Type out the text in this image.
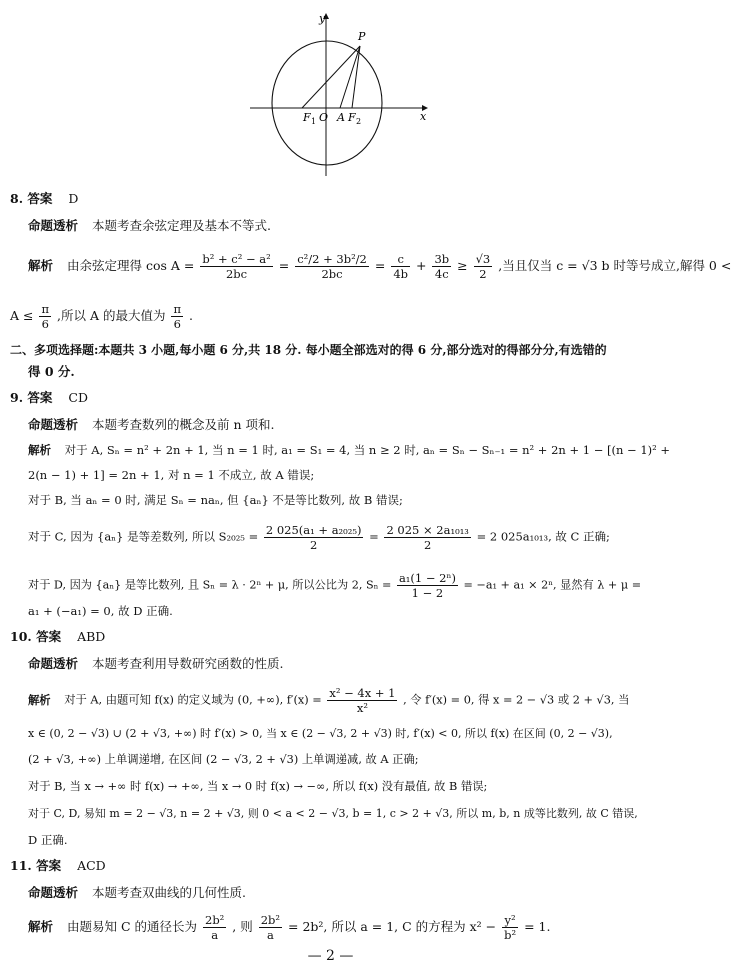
y
x
P
F 1 O A F 2
8. 答案 D
命题透析 本题考查余弦定理及基本不等式.
解析 由余弦定理得 $\cos A = \frac{\text{b² + c² − a²}}{2bc} = \frac{\text{c²/2 + 3b²/2}}{2bc} = \frac{c}{4b} + \frac{3b}{4c} \ge \frac{√3}{2}$ ,当且仅当 c = √3 b 时等号成立,解得 0 <
$A \le \frac{\pi}{6}$ ,所以 A 的最大值为 $\frac{\pi}{6}$ .
二、多项选择题:本题共 3 小题,每小题 6 分,共 18 分. 每小题全部选对的得 6 分,部分选对的得部分分,有选错的
得 0 分.
9. 答案 CD
命题透析 本题考查数列的概念及前 n 项和.
解析 对于 A, Sₙ = n² + 2n + 1, 当 n = 1 时, a₁ = S₁ = 4, 当 n ≥ 2 时, aₙ = Sₙ − Sₙ₋₁ = n² + 2n + 1 − [(n − 1)² +
2(n − 1) + 1] = 2n + 1, 对 n = 1 不成立, 故 A 错误;
对于 B, 当 aₙ = 0 时, 满足 Sₙ = naₙ, 但 {aₙ} 不是等比数列, 故 B 错误;
对于 C, 因为 {aₙ} 是等差数列, 所以 $S_{2025} = \frac{\text{2 025(a₁ + a₂₀₂₅)}}{2} = \frac{\text{2 025 × 2a₁₀₁₃}}{2} = 2$ 025a₁₀₁₃, 故 C 正确;
对于 D, 因为 {aₙ} 是等比数列, 且 Sₙ = λ · 2ⁿ + μ, 所以公比为 2, $S_n = \frac{\text{a₁(1 − 2ⁿ)}}{1 - 2} = -a_1 + a_1 \times 2^n$, 显然有 λ + μ =
a₁ + (−a₁) = 0, 故 D 正确.
10. 答案 ABD
命题透析 本题考查利用导数研究函数的性质.
解析 对于 A, 由题可知 f(x) 的定义域为 (0, +∞), $f'(x) = \frac{\text{x² − 4x + 1}}{\text{x²}}$ , 令 f′(x) = 0, 得 x = 2 − √3 或 2 + √3, 当
x ∈ (0, 2 − √3) ∪ (2 + √3, +∞) 时 f′(x) > 0, 当 x ∈ (2 − √3, 2 + √3) 时, f′(x) < 0, 所以 f(x) 在区间 (0, 2 − √3),
(2 + √3, +∞) 上单调递增, 在区间 (2 − √3, 2 + √3) 上单调递减, 故 A 正确;
对于 B, 当 x → +∞ 时 f(x) → +∞, 当 x → 0 时 f(x) → −∞, 所以 f(x) 没有最值, 故 B 错误;
对于 C, D, 易知 m = 2 − √3, n = 2 + √3, 则 0 < a < 2 − √3, b = 1, c > 2 + √3, 所以 m, b, n 成等比数列, 故 C 错误,
D 正确.
11. 答案 ACD
命题透析 本题考查双曲线的几何性质.
解析 由题易知 C 的通径长为 $\frac{\text{2b²}}{a}$ , 则 $\frac{\text{2b²}}{a} = 2b^2$, 所以 a = 1, C 的方程为 $x^2 - \frac{\text{y²}}{\text{b²}} = 1$.
— 2 —
